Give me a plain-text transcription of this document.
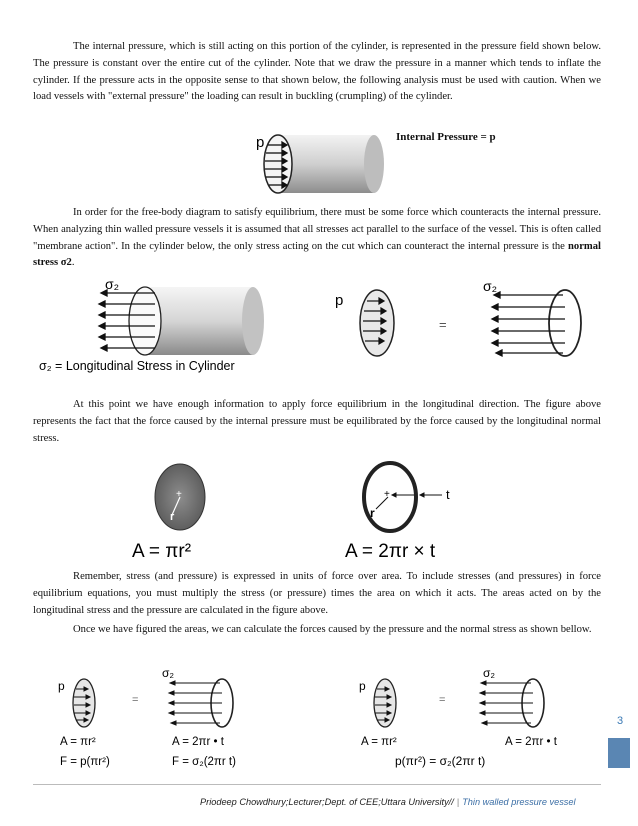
The internal pressure, which is still acting on this portion of the cylinder, is represented in the pressure field shown below. The pressure is constant over the entire cut of the cylinder. Note that we draw the pressure in a manner which tends to inflate the cylinder. If the pressure acts in the opposite sense to that shown below, the following analysis must be used with caution. When we load vessels with "external pressure" the loading can result in buckling (crumpling) of the cylinder.

p	Internal Pressure = p

In order for the free-body diagram to satisfy equilibrium, there must be some force which counteracts the internal pressure. When analyzing thin walled pressure vessels it is assumed that all stresses act parallel to the surface of the vessel. This is often called "membrane action". In the cylinder below, the only stress acting on the cut which can counteract the internal pressure is the normal stress σ2.

σ₂
σ₂ = Longitudinal Stress in Cylinder
p
=
σ₂

At this point we have enough information to apply force equilibrium in the longitudinal direction. The figure above represents the fact that the force caused by the internal pressure must be equilibrated by the force caused by the longitudinal normal stress.

+
r
A = πr²
+
r
t
A = 2πr × t

Remember, stress (and pressure) is expressed in units of force over area. To include stresses (and pressures) in force equilibrium equations, you must multiply the stress (or pressure) times the area on which it acts. The areas acted on by the longitudinal stress and the pressure are calculated in the figure above.

Once we have figured the areas, we can calculate the forces caused by the pressure and the normal stress as shown bellow.

p
=
σ₂
A = πr²	A = 2πr • t
F = p(πr²)	F = σ₂(2πr t)
p
=
σ₂
A = πr²	A = 2πr • t
p(πr²) = σ₂(2πr t)
3
Priodeep Chowdhury;Lecturer;Dept. of CEE;Uttara University// | Thin walled pressure vessel
